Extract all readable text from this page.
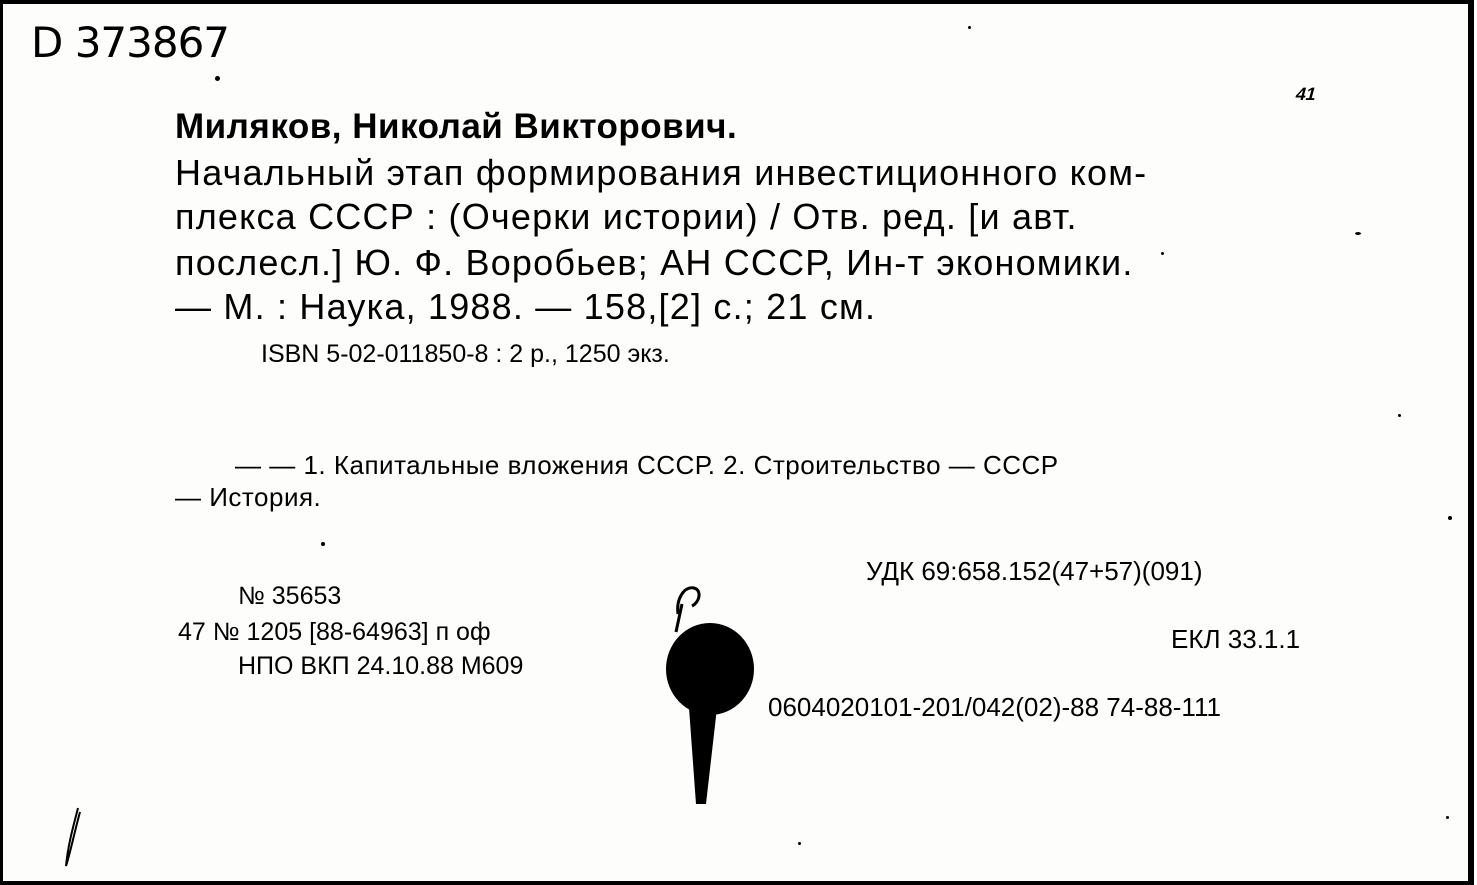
D 373867
41
Миляков, Николай Викторович.
Начальный этап формирования инвестиционного ком-
плекса СССР : (Очерки истории) / Отв. ред. [и авт.
послесл.] Ю. Ф. Воробьев; АН СССР, Ин-т экономики.
— М. : Наука, 1988. — 158,[2] с.; 21 см.
ISBN 5-02-011850-8 : 2 р., 1250 экз.
— — 1. Капитальные вложения СССР. 2. Строительство — СССР
— История.
УДК 69:658.152(47+57)(091)
ЕКЛ 33.1.1
0604020101-201/042(02)-88 74-88-111
№ 35653
47 № 1205 [88-64963] п оф
НПО ВКП 24.10.88 М609
